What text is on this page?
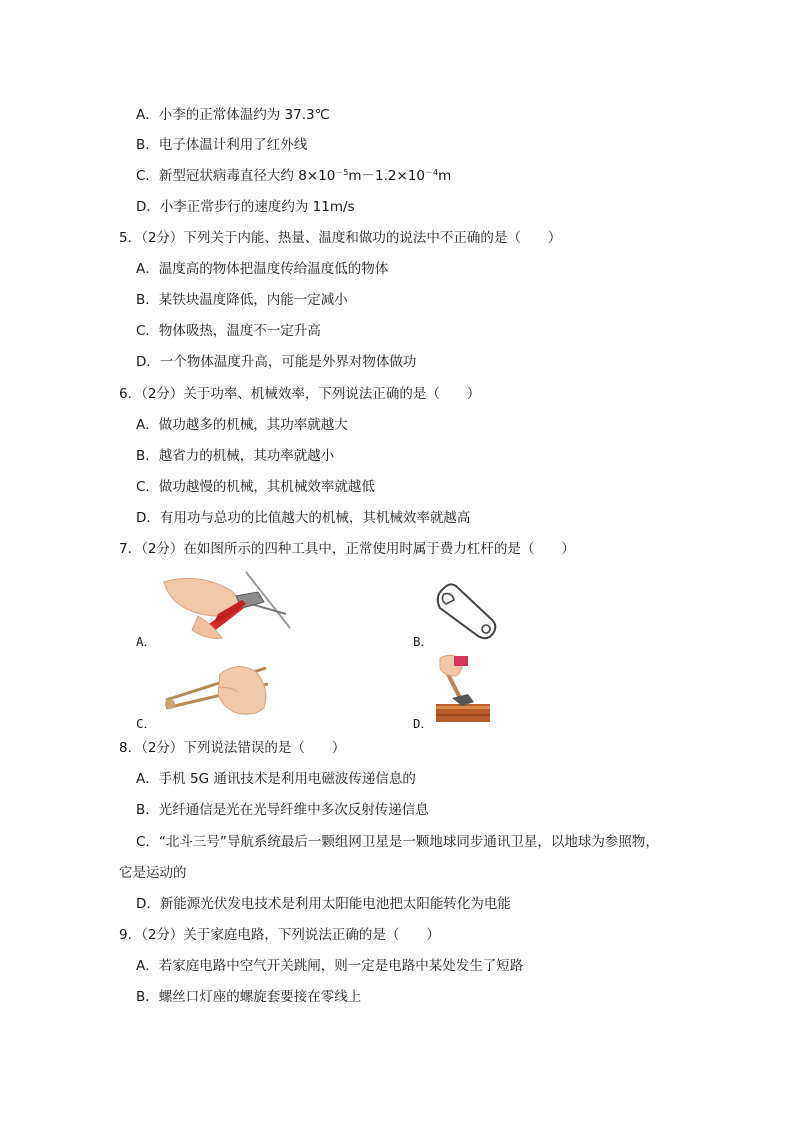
A．小李的正常体温约为 37.3℃
B．电子体温计利用了红外线
C．新型冠状病毒直径大约 $8\times 10^{-5}m-1.2\times 10^{-4}m$
D．小李正常步行的速度约为 11m/s
5．（2分）下列关于内能、热量、温度和做功的说法中不正确的是（　　）
A．温度高的物体把温度传给温度低的物体
B．某铁块温度降低，内能一定减小
C．物体吸热，温度不一定升高
D．一个物体温度升高，可能是外界对物体做功
6．（2分）关于功率、机械效率，下列说法正确的是（　　）
A．做功越多的机械，其功率就越大
B．越省力的机械，其功率就越小
C．做功越慢的机械，其机械效率就越低
D．有用功与总功的比值越大的机械，其机械效率就越高
7．（2分）在如图所示的四种工具中，正常使用时属于费力杠杆的是（　　）
A．	B．
C．	D．
8．（2分）下列说法错误的是（　　）
A．手机 5G 通讯技术是利用电磁波传递信息的
B．光纤通信是光在光导纤维中多次反射传递信息
C．“北斗三号”导航系统最后一颗组网卫星是一颗地球同步通讯卫星，以地球为参照物，
它是运动的
D．新能源光伏发电技术是利用太阳能电池把太阳能转化为电能
9．（2分）关于家庭电路，下列说法正确的是（　　）
A．若家庭电路中空气开关跳闸，则一定是电路中某处发生了短路
B．螺丝口灯座的螺旋套要接在零线上
